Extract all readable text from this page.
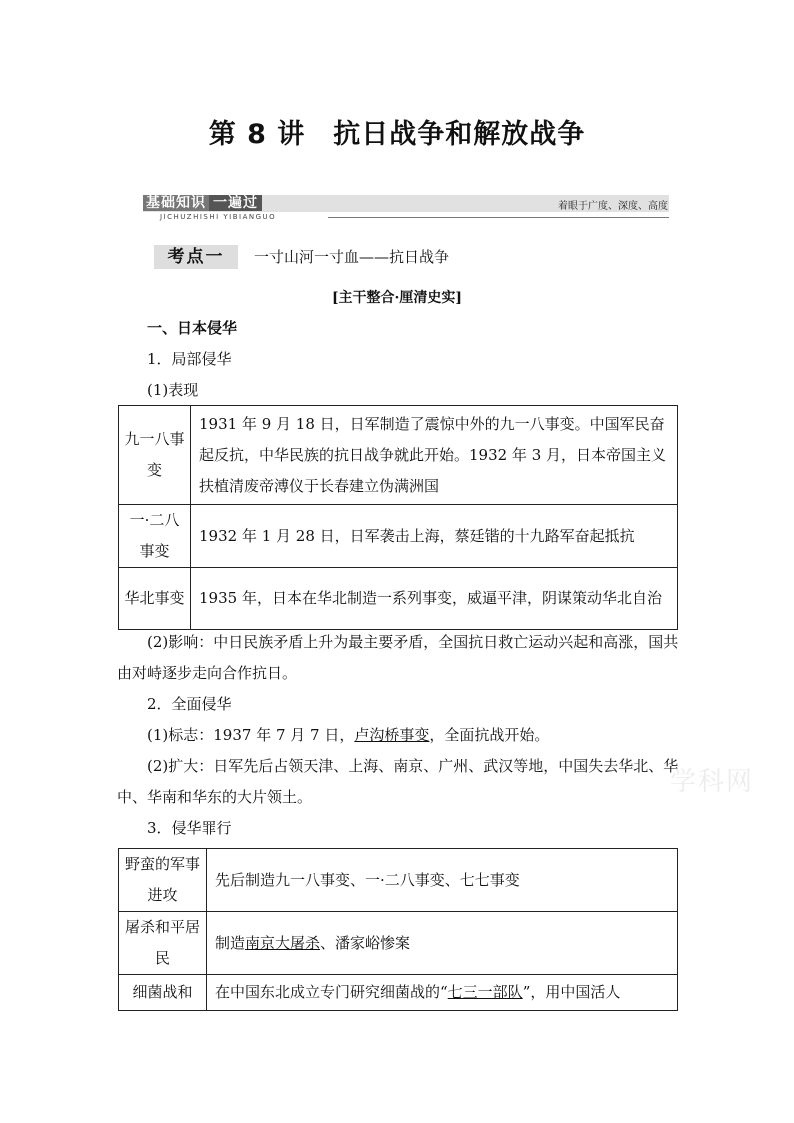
第 8 讲　抗日战争和解放战争
基础知识 一遍过	着眼于广度、深度、高度
JICHUZHISHI YIBIANGUO
考点一	一寸山河一寸血——抗日战争
[主干整合·厘清史实]
一、日本侵华
1．局部侵华
(1)表现
九一八事变	1931 年 9 月 18 日，日军制造了震惊中外的九一八事变。中国军民奋起反抗，中华民族的抗日战争就此开始。1932 年 3 月，日本帝国主义扶植清废帝溥仪于长春建立伪满洲国
一·二八事变	1932 年 1 月 28 日，日军袭击上海，蔡廷锴的十九路军奋起抵抗
华北事变	1935 年，日本在华北制造一系列事变，威逼平津，阴谋策动华北自治
(2)影响：中日民族矛盾上升为最主要矛盾，全国抗日救亡运动兴起和高涨，国共由对峙逐步走向合作抗日。
2．全面侵华
(1)标志：1937 年 7 月 7 日，卢沟桥事变，全面抗战开始。
(2)扩大：日军先后占领天津、上海、南京、广州、武汉等地，中国失去华北、华中、华南和华东的大片领土。
3．侵华罪行
野蛮的军事进攻	先后制造九一八事变、一·二八事变、七七事变
屠杀和平居民	制造南京大屠杀、潘家峪惨案
细菌战和	在中国东北成立专门研究细菌战的“七三一部队”，用中国活人
学科网
